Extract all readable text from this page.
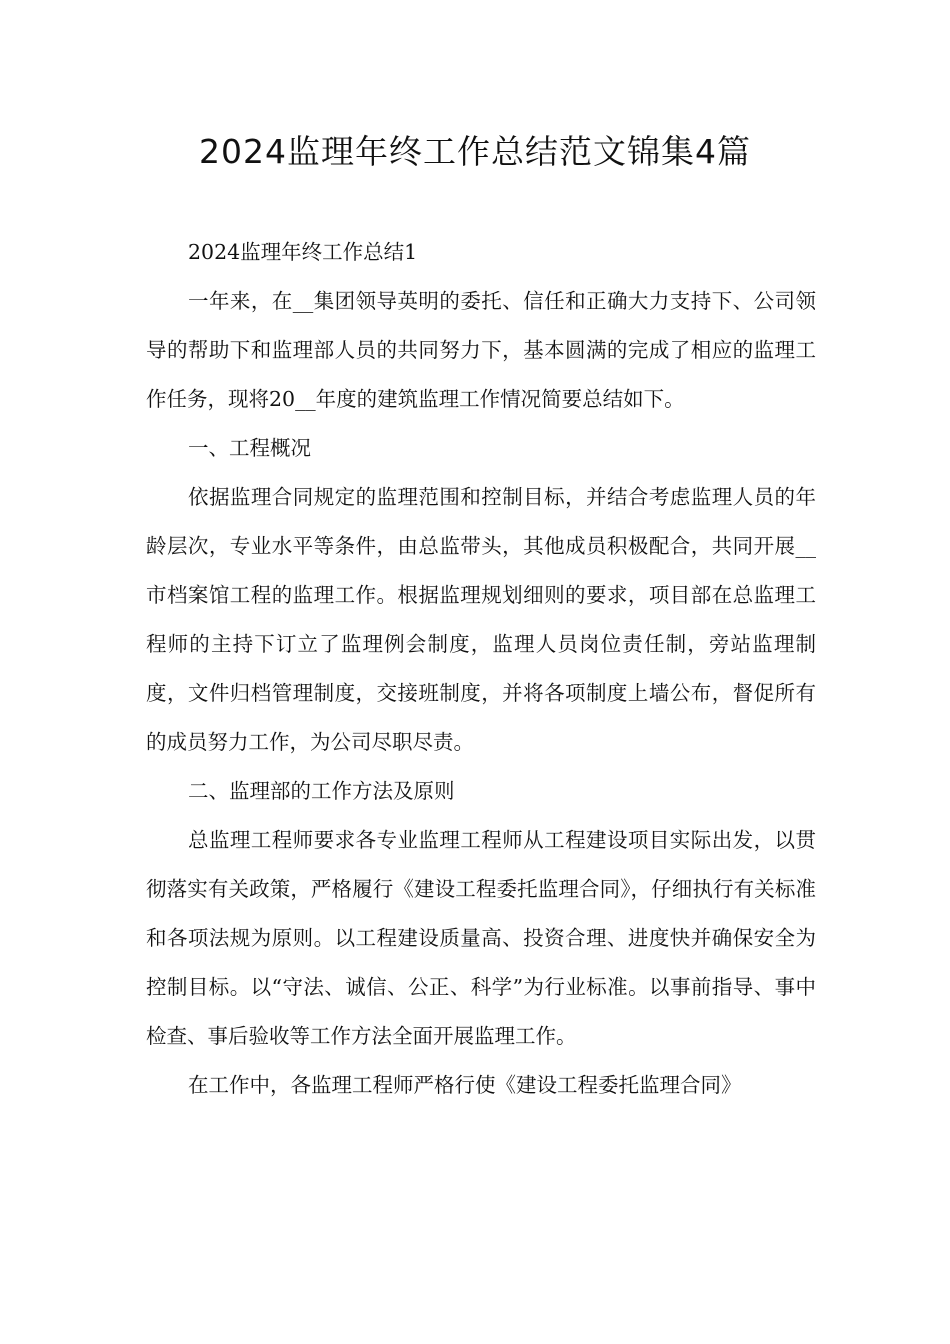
2024监理年终工作总结范文锦集4篇

2024监理年终工作总结1

一年来，在__集团领导英明的委托、信任和正确大力支持下、公司领导的帮助下和监理部人员的共同努力下，基本圆满的完成了相应的监理工作任务，现将20__年度的建筑监理工作情况简要总结如下。

一、工程概况

依据监理合同规定的监理范围和控制目标，并结合考虑监理人员的年龄层次，专业水平等条件，由总监带头，其他成员积极配合，共同开展__市档案馆工程的监理工作。根据监理规划细则的要求，项目部在总监理工程师的主持下订立了监理例会制度，监理人员岗位责任制，旁站监理制度，文件归档管理制度，交接班制度，并将各项制度上墙公布，督促所有的成员努力工作，为公司尽职尽责。

二、监理部的工作方法及原则

总监理工程师要求各专业监理工程师从工程建设项目实际出发，以贯彻落实有关政策，严格履行《建设工程委托监理合同》，仔细执行有关标准和各项法规为原则。以工程建设质量高、投资合理、进度快并确保安全为控制目标。以“守法、诚信、公正、科学”为行业标准。以事前指导、事中检查、事后验收等工作方法全面开展监理工作。

在工作中，各监理工程师严格行使《建设工程委托监理合同》
